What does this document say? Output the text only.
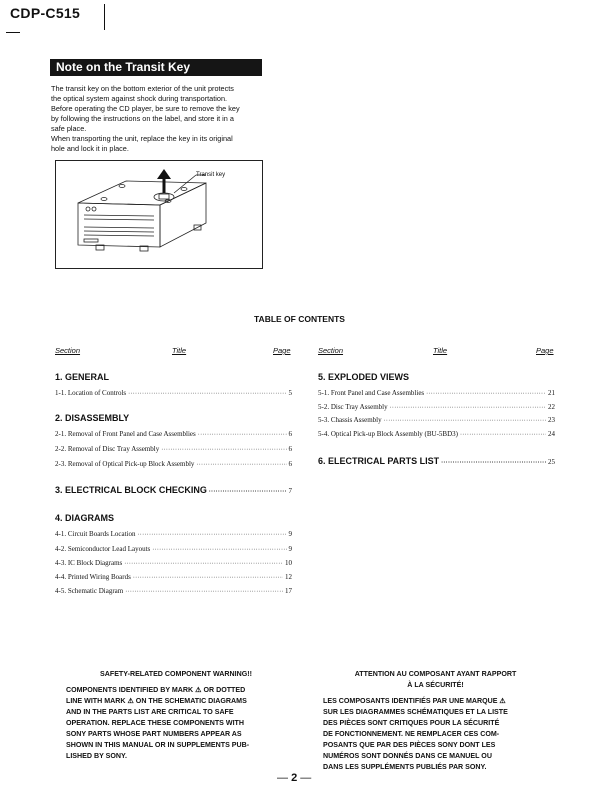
CDP-C515
Note on the Transit Key
The transit key on the bottom exterior of the unit protects
the optical system against shock during transportation.
Before operating the CD player, be sure to remove the key
by following the instructions on the label, and store it in a
safe place.
When transporting the unit, replace the key in its original
hole and lock it in place.
Transit key
TABLE OF CONTENTS
Section	Title	Page	Section	Title	Page
1. GENERAL
1-1. Location of Controls ·····	5
2. DISASSEMBLY
2-1. Removal of Front Panel and Case Assemblies ·····	6
2-2. Removal of Disc Tray Assembly ·····	6
2-3. Removal of Optical Pick-up Block Assembly ·····	6
3. ELECTRICAL BLOCK CHECKING ·····	7
4. DIAGRAMS
4-1. Circuit Boards Location ·····	9
4-2. Semiconductor Lead Layouts ·····	9
4-3. IC Block Diagrams ·····	10
4-4. Printed Wiring Boards ·····	12
4-5. Schematic Diagram ·····	17
5. EXPLODED VIEWS
5-1. Front Panel and Case Assemblies ·····	21
5-2. Disc Tray Assembly ·····	22
5-3. Chassis Assembly ·····	23
5-4. Optical Pick-up Block Assembly (BU-5BD3) ·····	24
6. ELECTRICAL PARTS LIST ·····	25
SAFETY-RELATED COMPONENT WARNING!!
COMPONENTS IDENTIFIED BY MARK ⚠ OR DOTTED
LINE WITH MARK ⚠ ON THE SCHEMATIC DIAGRAMS
AND IN THE PARTS LIST ARE CRITICAL TO SAFE
OPERATION. REPLACE THESE COMPONENTS WITH
SONY PARTS WHOSE PART NUMBERS APPEAR AS
SHOWN IN THIS MANUAL OR IN SUPPLEMENTS PUB-
LISHED BY SONY.
ATTENTION AU COMPOSANT AYANT RAPPORT
À LA SÉCURITÉ!
LES COMPOSANTS IDENTIFIÉS PAR UNE MARQUE ⚠
SUR LES DIAGRAMMES SCHÉMATIQUES ET LA LISTE
DES PIÈCES SONT CRITIQUES POUR LA SÉCURITÉ
DE FONCTIONNEMENT. NE REMPLACER CES COM-
POSANTS QUE PAR DES PIÈCES SONY DONT LES
NUMÉROS SONT DONNÉS DANS CE MANUEL OU
DANS LES SUPPLÉMENTS PUBLIÉS PAR SONY.
— 2 —
